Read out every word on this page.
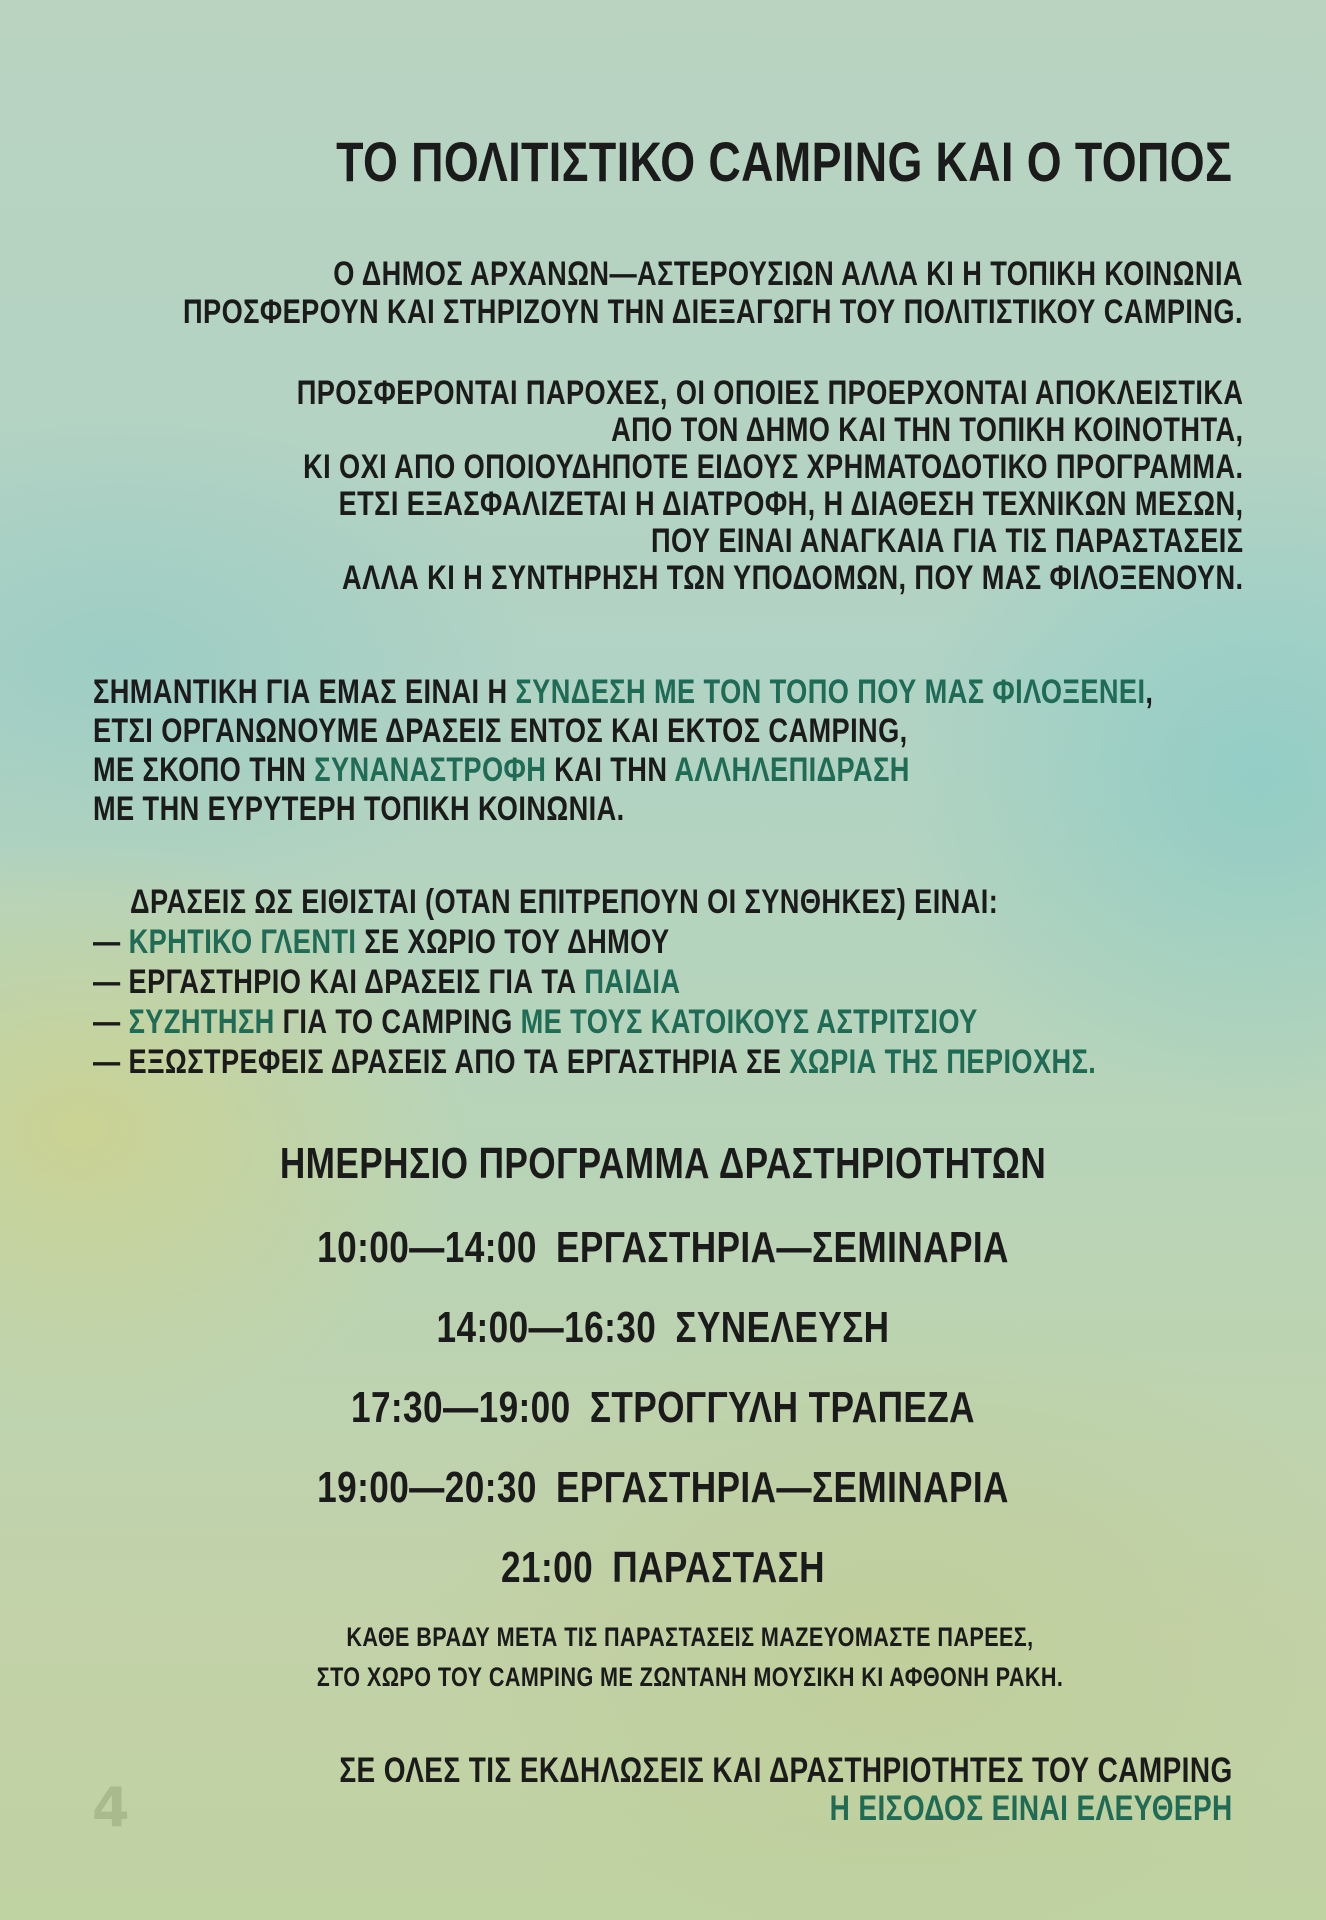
ΤΟ ΠΟΛΙΤΙΣΤΙΚΟ CAMPING ΚΑΙ Ο ΤΟΠΟΣ
Ο ΔΗΜΟΣ ΑΡΧΑΝΩΝ—ΑΣΤΕΡΟΥΣΙΩΝ ΑΛΛΑ ΚΙ Η ΤΟΠΙΚΗ ΚΟΙΝΩΝΙΑ
ΠΡΟΣΦΕΡΟΥΝ ΚΑΙ ΣΤΗΡΙΖΟΥΝ ΤΗΝ ΔΙΕΞΑΓΩΓΗ ΤΟΥ ΠΟΛΙΤΙΣΤΙΚΟΥ CAMPING.
ΠΡΟΣΦΕΡΟΝΤΑΙ ΠΑΡΟΧΕΣ, ΟΙ ΟΠΟΙΕΣ ΠΡΟΕΡΧΟΝΤΑΙ ΑΠΟΚΛΕΙΣΤΙΚΑ
ΑΠΟ ΤΟΝ ΔΗΜΟ ΚΑΙ ΤΗΝ ΤΟΠΙΚΗ ΚΟΙΝΟΤΗΤΑ,
ΚΙ ΟΧΙ ΑΠΟ ΟΠΟΙΟΥΔΗΠΟΤΕ ΕΙΔΟΥΣ ΧΡΗΜΑΤΟΔΟΤΙΚΟ ΠΡΟΓΡΑΜΜΑ.
ΕΤΣΙ ΕΞΑΣΦΑΛΙΖΕΤΑΙ Η ΔΙΑΤΡΟΦΗ, Η ΔΙΑΘΕΣΗ ΤΕΧΝΙΚΩΝ ΜΕΣΩΝ,
ΠΟΥ ΕΙΝΑΙ ΑΝΑΓΚΑΙΑ ΓΙΑ ΤΙΣ ΠΑΡΑΣΤΑΣΕΙΣ
ΑΛΛΑ ΚΙ Η ΣΥΝΤΗΡΗΣΗ ΤΩΝ ΥΠΟΔΟΜΩΝ, ΠΟΥ ΜΑΣ ΦΙΛΟΞΕΝΟΥΝ.
ΣΗΜΑΝΤΙΚΗ ΓΙΑ ΕΜΑΣ ΕΙΝΑΙ Η ΣΥΝΔΕΣΗ ΜΕ ΤΟΝ ΤΟΠΟ ΠΟΥ ΜΑΣ ΦΙΛΟΞΕΝΕΙ,
ΕΤΣΙ ΟΡΓΑΝΩΝΟΥΜΕ ΔΡΑΣΕΙΣ ΕΝΤΟΣ ΚΑΙ ΕΚΤΟΣ CAMPING,
ΜΕ ΣΚΟΠΟ ΤΗΝ ΣΥΝΑΝΑΣΤΡΟΦΗ ΚΑΙ ΤΗΝ ΑΛΛΗΛΕΠΙΔΡΑΣΗ
ΜΕ ΤΗΝ ΕΥΡΥΤΕΡΗ ΤΟΠΙΚΗ ΚΟΙΝΩΝΙΑ.
ΔΡΑΣΕΙΣ ΩΣ ΕΙΘΙΣΤΑΙ (ΟΤΑΝ ΕΠΙΤΡΕΠΟΥΝ ΟΙ ΣΥΝΘΗΚΕΣ) ΕΙΝΑΙ:
— ΚΡΗΤΙΚΟ ΓΛΕΝΤΙ ΣΕ ΧΩΡΙΟ ΤΟΥ ΔΗΜΟΥ
— ΕΡΓΑΣΤΗΡΙΟ ΚΑΙ ΔΡΑΣΕΙΣ ΓΙΑ ΤΑ ΠΑΙΔΙΑ
— ΣΥΖΗΤΗΣΗ ΓΙΑ ΤΟ CAMPING ΜΕ ΤΟΥΣ ΚΑΤΟΙΚΟΥΣ ΑΣΤΡΙΤΣΙΟΥ
— ΕΞΩΣΤΡΕΦΕΙΣ ΔΡΑΣΕΙΣ ΑΠΟ ΤΑ ΕΡΓΑΣΤΗΡΙΑ ΣΕ ΧΩΡΙΑ ΤΗΣ ΠΕΡΙΟΧΗΣ.
ΗΜΕΡΗΣΙΟ ΠΡΟΓΡΑΜΜΑ ΔΡΑΣΤΗΡΙΟΤΗΤΩΝ
10:00—14:00 ΕΡΓΑΣΤΗΡΙΑ—ΣΕΜΙΝΑΡΙΑ
14:00—16:30 ΣΥΝΕΛΕΥΣΗ
17:30—19:00 ΣΤΡΟΓΓΥΛΗ ΤΡΑΠΕΖΑ
19:00—20:30 ΕΡΓΑΣΤΗΡΙΑ—ΣΕΜΙΝΑΡΙΑ
21:00 ΠΑΡΑΣΤΑΣΗ
ΚΑΘΕ ΒΡΑΔΥ ΜΕΤΑ ΤΙΣ ΠΑΡΑΣΤΑΣΕΙΣ ΜΑΖΕΥΟΜΑΣΤΕ ΠΑΡΕΕΣ,
ΣΤΟ ΧΩΡΟ ΤΟΥ CAMPING ΜΕ ΖΩΝΤΑΝΗ ΜΟΥΣΙΚΗ ΚΙ ΑΦΘΟΝΗ ΡΑΚΗ.
ΣΕ ΟΛΕΣ ΤΙΣ ΕΚΔΗΛΩΣΕΙΣ ΚΑΙ ΔΡΑΣΤΗΡΙΟΤΗΤΕΣ ΤΟΥ CAMPING
Η ΕΙΣΟΔΟΣ ΕΙΝΑΙ ΕΛΕΥΘΕΡΗ
4
